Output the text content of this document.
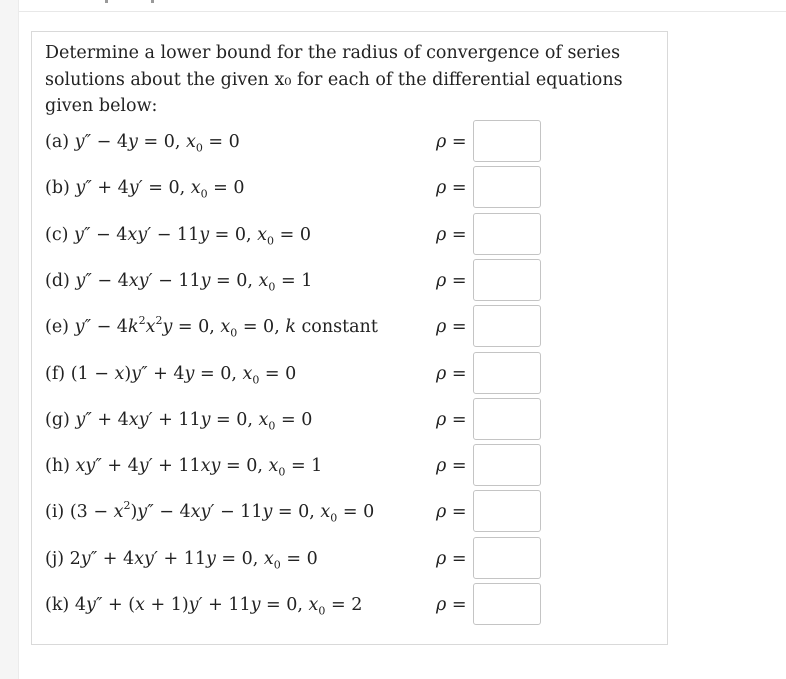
Determine a lower bound for the radius of convergence of series solutions about the given x₀ for each of the differential equations given below:

(a) y″ − 4y = 0, $x_0 = 0$	ρ =
(b) y″ + 4y′ = 0, $x_0 = 0$	ρ =
(c) y″ − 4xy′ − 11y = 0, $x_0 = 0$	ρ =
(d) y″ − 4xy′ − 11y = 0, $x_0 = 1$	ρ =
(e) $y'' - 4k^2x^2y = 0$, $x_0 = 0$, k constant	ρ =
(f) (1 − x)y″ + 4y = 0, $x_0 = 0$	ρ =
(g) y″ + 4xy′ + 11y = 0, $x_0 = 0$	ρ =
(h) xy″ + 4y′ + 11xy = 0, $x_0 = 1$	ρ =
(i) $(3 - x^2)y'' - 4xy' - 11y = 0$, $x_0 = 0$	ρ =
(j) 2y″ + 4xy′ + 11y = 0, $x_0 = 0$	ρ =
(k) 4y″ + (x + 1)y′ + 11y = 0, $x_0 = 2$	ρ =
